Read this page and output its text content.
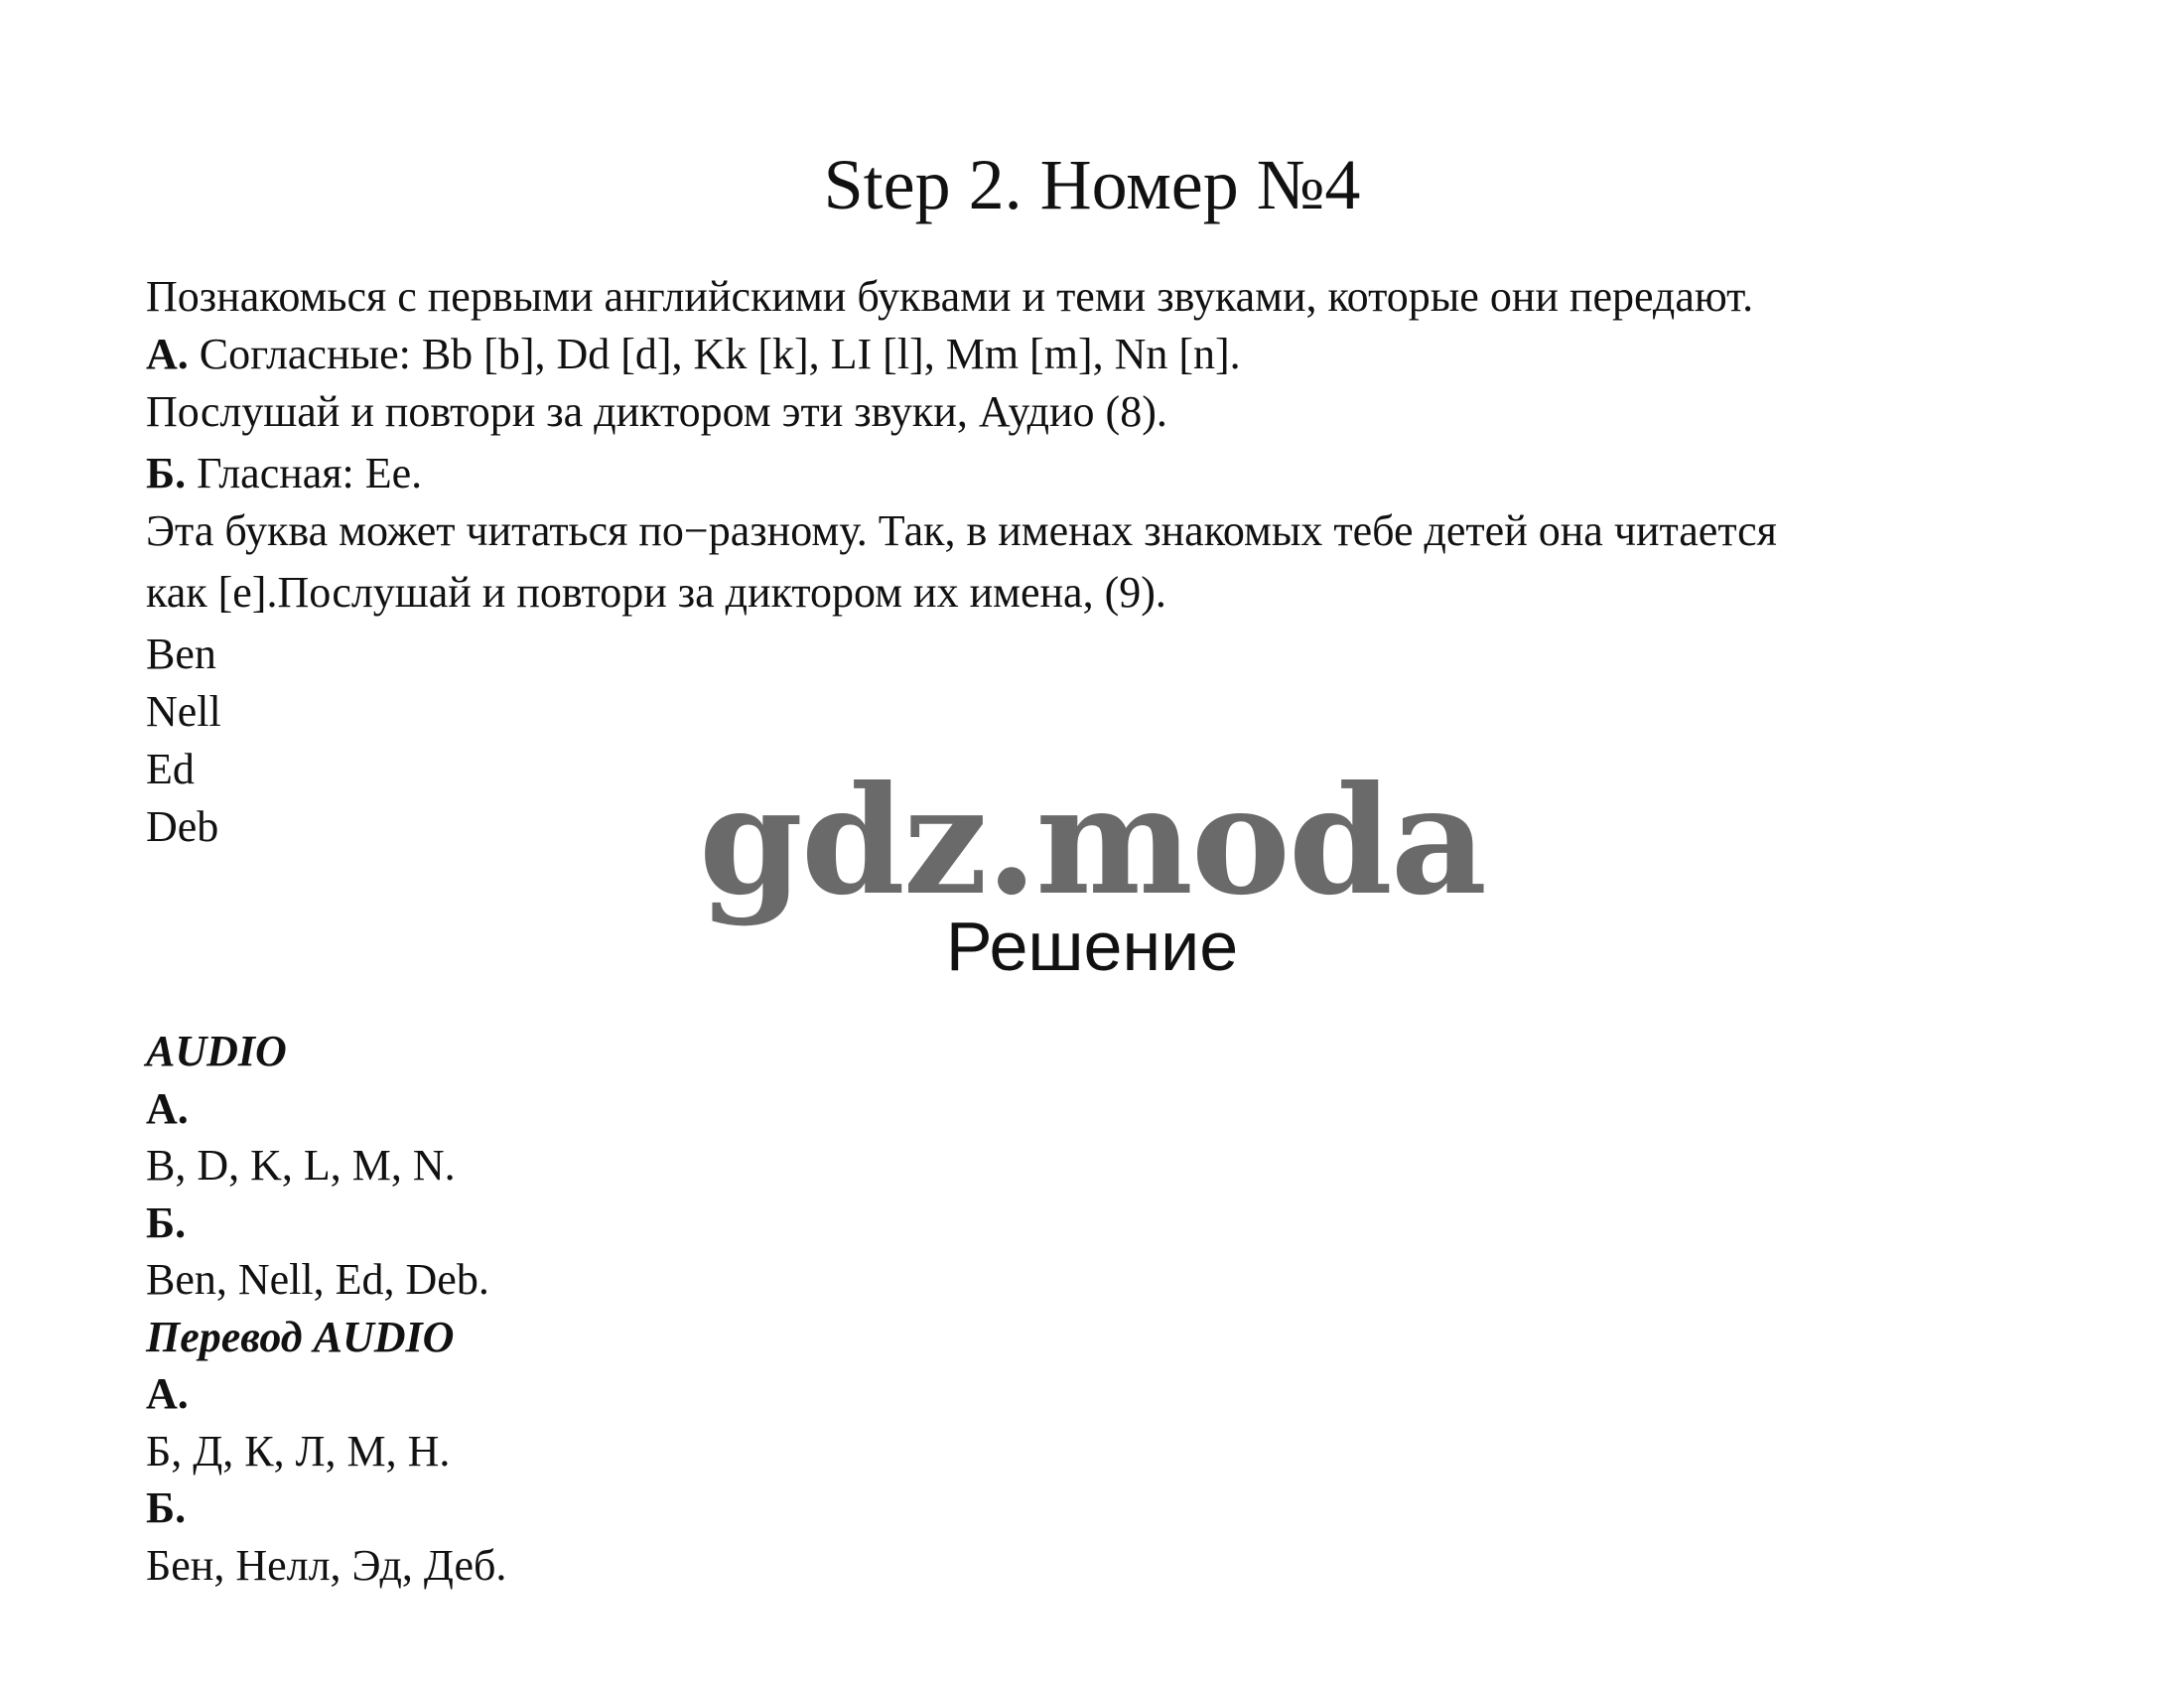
Step 2. Номер №4
Познакомься с первыми английскими буквами и теми звуками, которые они передают.
А. Согласные: Bb [b], Dd [d], Kk [k], LI [l], Mm [m], Nn [n].
Послушай и повтори за диктором эти звуки, Аудио (8).
Б. Гласная: Ee.
Эта буква может читаться по−разному. Так, в именах знакомых тебе детей она читается
как [e].Послушай и повтори за диктором их имена, (9).
Ben
Nell
Ed
Deb	gdz.moda
Решение
AUDIO
А.
B, D, K, L, M, N.
Б.
Ben, Nell, Ed, Deb.
Перевод AUDIO
А.
Б, Д, К, Л, М, Н.
Б.
Бен, Нелл, Эд, Деб.
